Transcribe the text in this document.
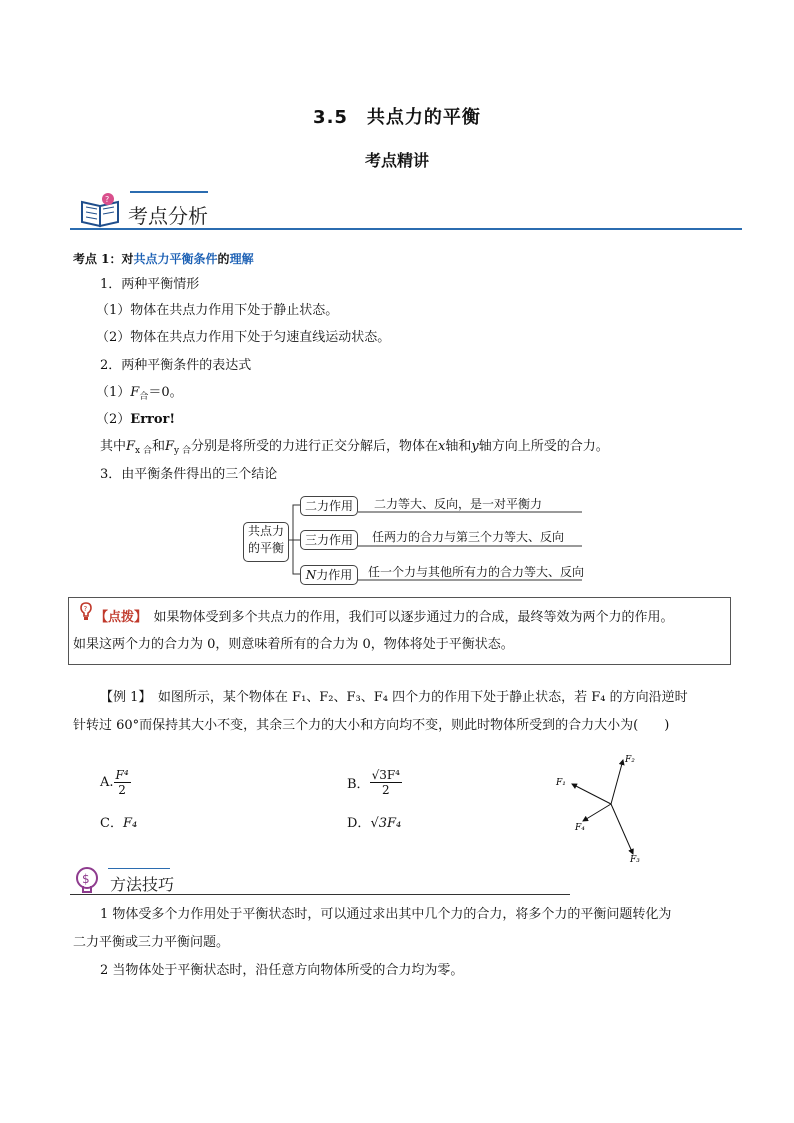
3.5　共点力的平衡
考点精讲
?
考点分析
考点 1：对共点力平衡条件的理解
1．两种平衡情形
（1）物体在共点力作用下处于静止状态。
（2）物体在共点力作用下处于匀速直线运动状态。
2．两种平衡条件的表达式
$(1)F_合=0$。
（2）Error!
其中$F_{x 合}$和$F_{y 合}$分别是将所受的力进行正交分解后，物体在x轴和y轴方向上所受的合力。
3．由平衡条件得出的三个结论
共点力
的平衡
二力作用	二力等大、反向，是一对平衡力
三力作用	任两力的合力与第三个力等大、反向
N力作用	任一个力与其他所有力的合力等大、反向
?
【点拨】　 如果物体受到多个共点力的作用，我们可以逐步通过力的合成，最终等效为两个力的作用。
如果这两个力的合力为 0，则意味着所有的合力为 0，物体将处于平衡状态。
【例 1】　 如图所示，某个物体在 F₁、F₂、F₃、F₄ 四个力的作用下处于静止状态，若 F₄ 的方向沿逆时
针转过 60°而保持其大小不变，其余三个力的大小和方向均不变，则此时物体所受到的合力大小为(　　)
A. $\frac{\text{F⁴}}{2}$	B． $\frac{\text{√3F⁴}}{2}$
C．F₄	D．√3F₄
F₁
F₂
F₃
F₄
$ 方法技巧
1 物体受多个力作用处于平衡状态时，可以通过求出其中几个力的合力，将多个力的平衡问题转化为
二力平衡或三力平衡问题。
2 当物体处于平衡状态时，沿任意方向物体所受的合力均为零。
